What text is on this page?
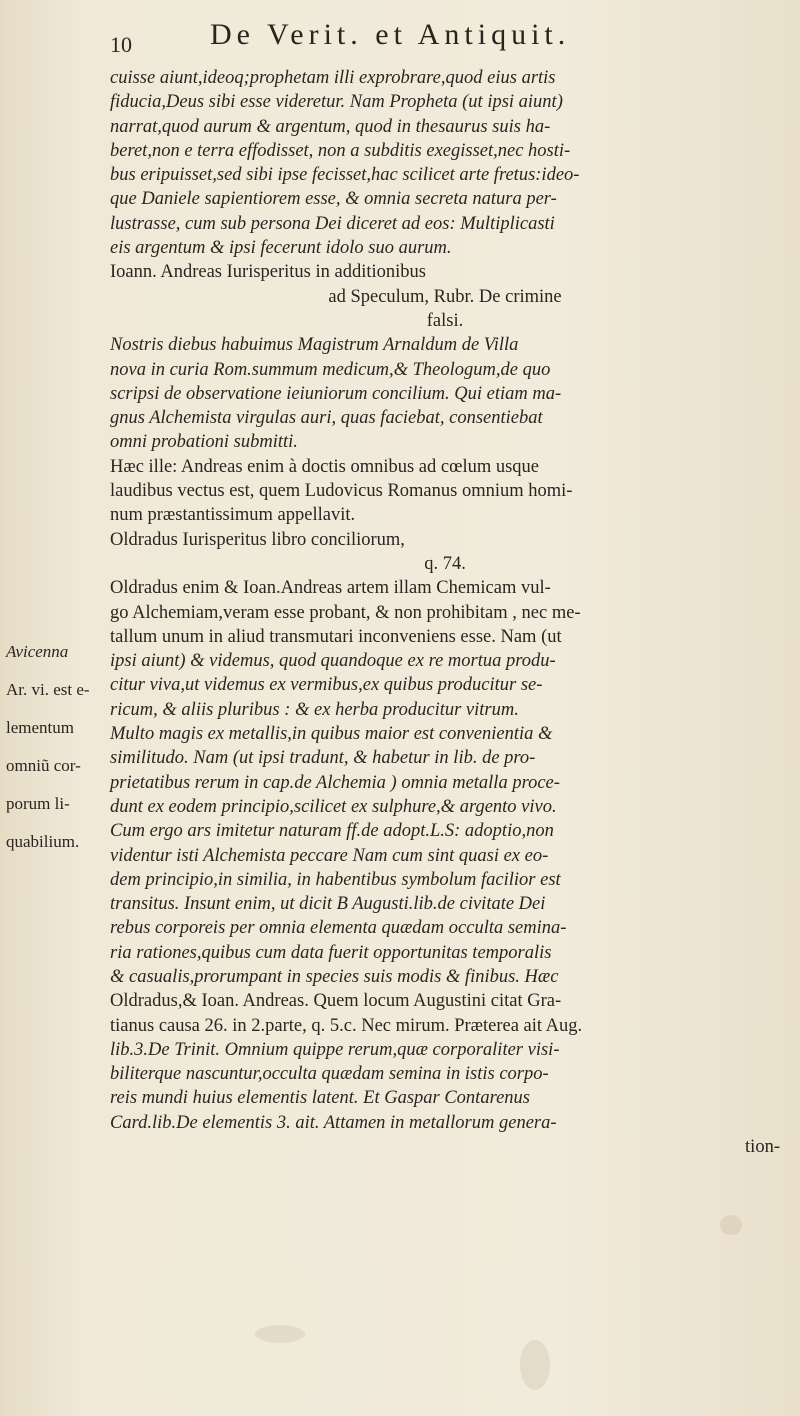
10	De Verit. et Antiquit.

cuisse aiunt,ideoq;prophetam illi exprobrare,quod eius artis

fiducia,Deus sibi esse videretur. Nam Propheta (ut ipsi aiunt)

narrat,quod aurum & argentum, quod in thesaurus suis ha-

beret,non e terra effodisset, non a subditis exegisset,nec hosti-

bus eripuisset,sed sibi ipse fecisset,hac scilicet arte fretus:ideo-

que Daniele sapientiorem esse, & omnia secreta natura per-

lustrasse, cum sub persona Dei diceret ad eos: Multiplicasti

eis argentum & ipsi fecerunt idolo suo aurum.

Ioann. Andreas Iurisperitus in additionibus

ad Speculum, Rubr. De crimine

falsi.

Nostris diebus habuimus Magistrum Arnaldum de Villa

nova in curia Rom.summum medicum,& Theologum,de quo

scripsi de observatione ieiuniorum concilium. Qui etiam ma-

gnus Alchemista virgulas auri, quas faciebat, consentiebat

omni probationi submitti.

Hæc ille: Andreas enim à doctis omnibus ad cœlum usque

laudibus vectus est, quem Ludovicus Romanus omnium homi-

num præstantissimum appellavit.

Oldradus Iurisperitus libro conciliorum,

q. 74.

Oldradus enim & Ioan.Andreas artem illam Chemicam vul-

go Alchemiam,veram esse probant, & non prohibitam , nec me-

tallum unum in aliud transmutari inconveniens esse. Nam (ut

ipsi aiunt) & videmus, quod quandoque ex re mortua produ-

citur viva,ut videmus ex vermibus,ex quibus producitur se-

ricum, & aliis pluribus : & ex herba producitur vitrum.

Multo magis ex metallis,in quibus maior est convenientia &

similitudo. Nam (ut ipsi tradunt, & habetur in lib. de pro-

prietatibus rerum in cap.de Alchemia ) omnia metalla proce-

dunt ex eodem principio,scilicet ex sulphure,& argento vivo.

Cum ergo ars imitetur naturam ff.de adopt.L.S: adoptio,non

videntur isti Alchemista peccare Nam cum sint quasi ex eo-

dem principio,in similia, in habentibus symbolum facilior est

transitus. Insunt enim, ut dicit B Augusti.lib.de civitate Dei

rebus corporeis per omnia elementa quædam occulta semina-

ria rationes,quibus cum data fuerit opportunitas temporalis

& casualis,prorumpant in species suis modis & finibus. Hæc

Oldradus,& Ioan. Andreas. Quem locum Augustini citat Gra-

tianus causa 26. in 2.parte, q. 5.c. Nec mirum. Præterea ait Aug.

lib.3.De Trinit. Omnium quippe rerum,quæ corporaliter visi-

biliterque nascuntur,occulta quædam semina in istis corpo-

reis mundi huius elementis latent. Et Gaspar Contarenus

Card.lib.De elementis 3. ait. Attamen in metallorum genera-

tion-

Avicenna

Ar. vi. est e-

lementum

omniũ cor-

porum li-

quabilium.
